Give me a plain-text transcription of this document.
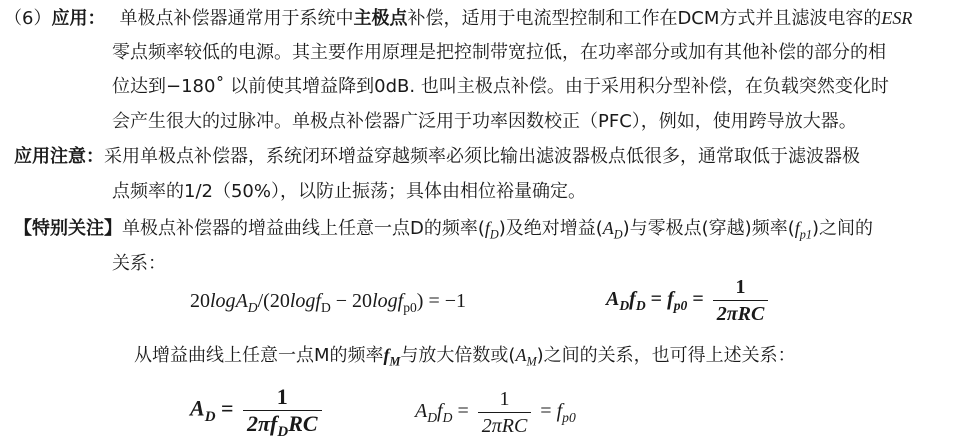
（6）应用： 单极点补偿器通常用于系统中主极点补偿，适用于电流型控制和工作在DCM方式并且滤波电容的ESR
零点频率较低的电源。其主要作用原理是把控制带宽拉低，在功率部分或加有其他补偿的部分的相
位达到−180˚ 以前使其增益降到0dB. 也叫主极点补偿。由于采用积分型补偿，在负载突然变化时
会产生很大的过脉冲。单极点补偿器广泛用于功率因数校正（PFC），例如，使用跨导放大器。
应用注意：采用单极点补偿器，系统闭环增益穿越频率必须比输出滤波器极点低很多，通常取低于滤波器极
点频率的1/2（50%），以防止振荡；具体由相位裕量确定。
【特别关注】单极点补偿器的增益曲线上任意一点D的频率$(f_D)$及绝对增益$(A_D)$与零极点(穿越)频率$(f_{p1})$之间的
关系：
20logA$_D$/(20logf$_D$ − 20logf$_{p0}$) = −1	$A_Df_D = f_{p0} = \frac{1}{\text{2πRC}}$
从增益曲线上任意一点M的频率$f_M$与放大倍数或$(A_M)$之间的关系，也可得上述关系：
$A_D = \frac{1}{2\pi f_DRC}$	$A_Df_D = \frac{1}{\text{2πRC}} = f_{p0}$
